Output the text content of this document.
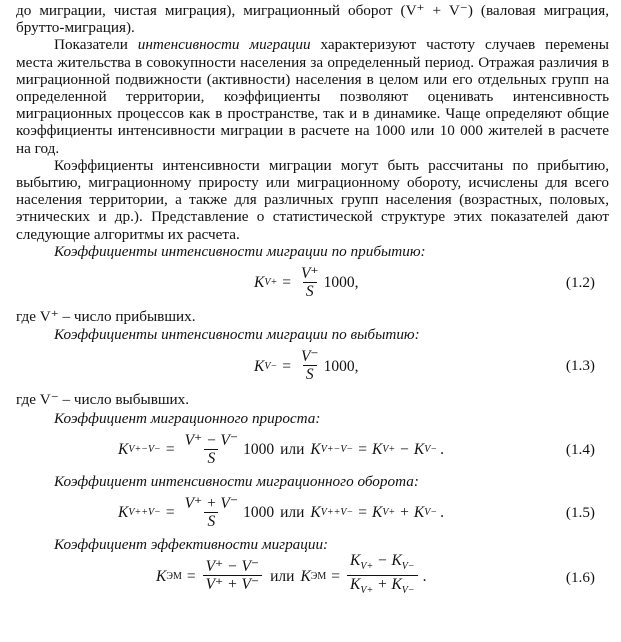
до миграции, чистая миграция), миграционный оборот (V⁺ + V⁻) (валовая миграция, брутто-миграция).

Показатели интенсивности миграции характеризуют частоту случаев перемены места жительства в совокупности населения за определенный период. Отражая различия в миграционной подвижности (активности) населения в целом или его отдельных групп на определенной территории, коэффициенты позволяют оценивать интенсивность миграционных процессов как в пространстве, так и в динамике. Чаще определяют общие коэффициенты интенсивности миграции в расчете на 1000 или 10 000 жителей в расчете на год.

Коэффициенты интенсивности миграции могут быть рассчитаны по прибытию, выбытию, миграционному приросту или миграционному обороту, исчислены для всего населения территории, а также для различных групп населения (возрастных, половых, этнических и др.). Представление о статистической структуре этих показателей дают следующие алгоритмы их расчета.

Коэффициенты интенсивности миграции по прибытию:

K $V+ = \frac{V^+}{S} 1000$ ,	(1.2)

где V⁺ – число прибывших.

Коэффициенты интенсивности миграции по выбытию:

K $V- = \frac{V^-}{S} 1000$ ,	(1.3)

где V⁻ – число выбывших.

Коэффициент миграционного прироста:

K $V+-V- = \frac{V^+ - V^-}{S} 1000$ или K V+−V− = K V+ − K V− .	(1.4)

Коэффициент интенсивности миграционного оборота:

K $V++V- = \frac{V^+ + V^-}{S} 1000$ или K V++V− = K V+ + K V− .	(1.5)

Коэффициент эффективности миграции:

K ЭМ = $\frac{V^+ - V^-}{V^+ + V^-}$ или K ЭМ = $\frac{K_{V+} - K_{V-}}{K_{V+} + K_{V-}}$ .	(1.6)
